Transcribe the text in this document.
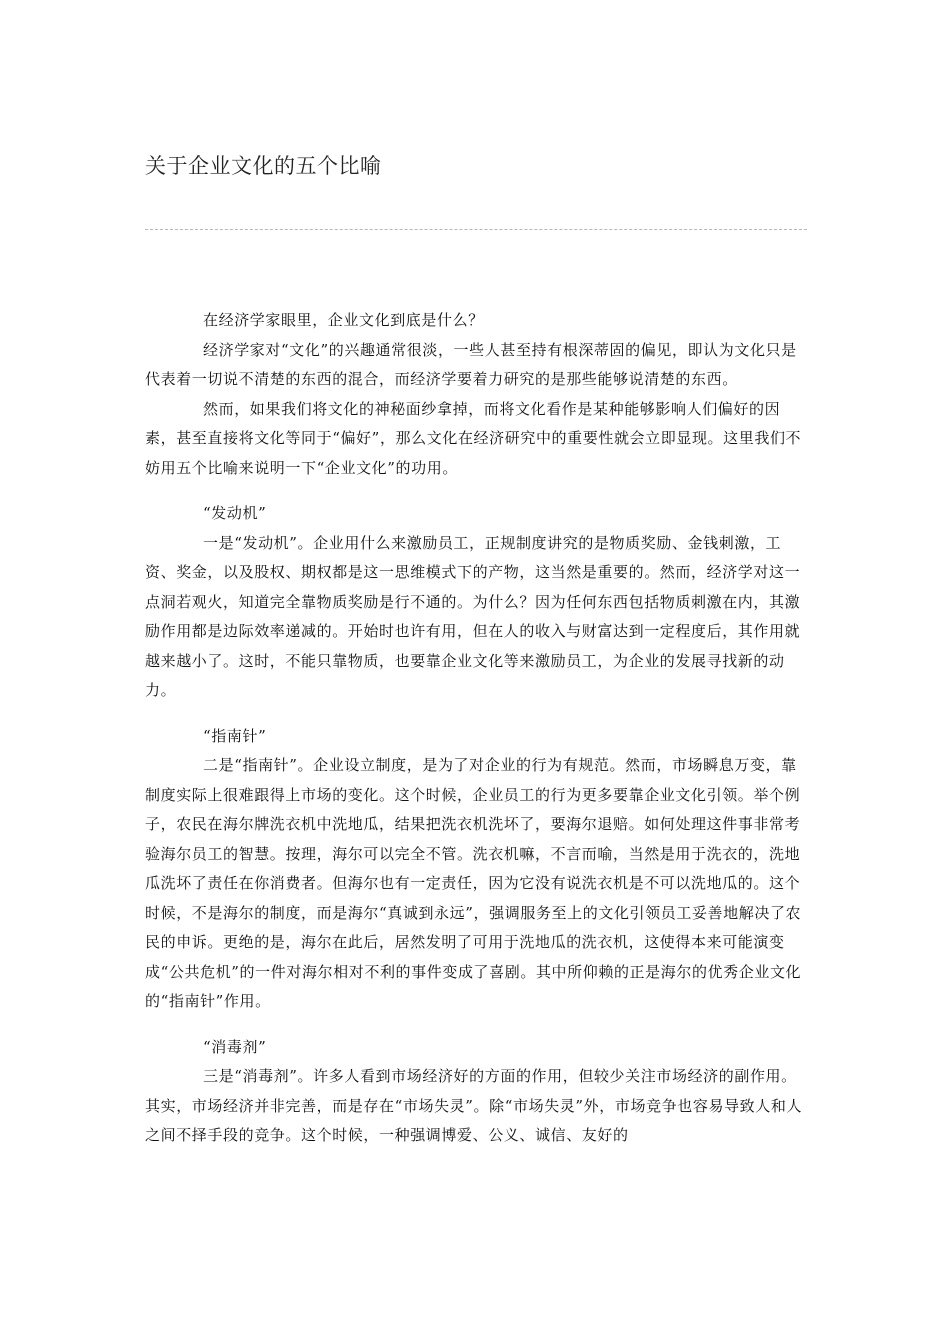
关于企业文化的五个比喻

在经济学家眼里，企业文化到底是什么？

经济学家对“文化”的兴趣通常很淡，一些人甚至持有根深蒂固的偏见，即认为文化只是代表着一切说不清楚的东西的混合，而经济学要着力研究的是那些能够说清楚的东西。

然而，如果我们将文化的神秘面纱拿掉，而将文化看作是某种能够影响人们偏好的因素，甚至直接将文化等同于“偏好”，那么文化在经济研究中的重要性就会立即显现。这里我们不妨用五个比喻来说明一下“企业文化”的功用。

“发动机”

一是“发动机”。企业用什么来激励员工，正规制度讲究的是物质奖励、金钱刺激，工资、奖金，以及股权、期权都是这一思维模式下的产物，这当然是重要的。然而，经济学对这一点洞若观火，知道完全靠物质奖励是行不通的。为什么？因为任何东西包括物质刺激在内，其激励作用都是边际效率递减的。开始时也许有用，但在人的收入与财富达到一定程度后，其作用就越来越小了。这时，不能只靠物质，也要靠企业文化等来激励员工，为企业的发展寻找新的动力。

“指南针”

二是“指南针”。企业设立制度，是为了对企业的行为有规范。然而，市场瞬息万变，靠制度实际上很难跟得上市场的变化。这个时候，企业员工的行为更多要靠企业文化引领。举个例子，农民在海尔牌洗衣机中洗地瓜，结果把洗衣机洗坏了，要海尔退赔。如何处理这件事非常考验海尔员工的智慧。按理，海尔可以完全不管。洗衣机嘛，不言而喻，当然是用于洗衣的，洗地瓜洗坏了责任在你消费者。但海尔也有一定责任，因为它没有说洗衣机是不可以洗地瓜的。这个时候，不是海尔的制度，而是海尔“真诚到永远”，强调服务至上的文化引领员工妥善地解决了农民的申诉。更绝的是，海尔在此后，居然发明了可用于洗地瓜的洗衣机，这使得本来可能演变成“公共危机”的一件对海尔相对不利的事件变成了喜剧。其中所仰赖的正是海尔的优秀企业文化的“指南针”作用。

“消毒剂”

三是“消毒剂”。许多人看到市场经济好的方面的作用，但较少关注市场经济的副作用。其实，市场经济并非完善，而是存在“市场失灵”。除“市场失灵”外，市场竞争也容易导致人和人之间不择手段的竞争。这个时候，一种强调博爱、公义、诚信、友好的
